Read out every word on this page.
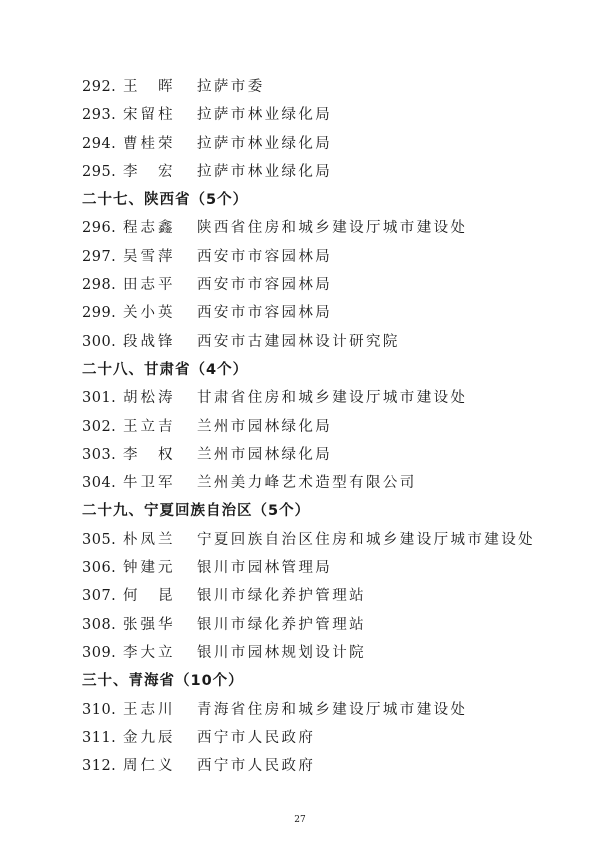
292. 王　晖 拉萨市委
293. 宋留柱 拉萨市林业绿化局
294. 曹桂荣 拉萨市林业绿化局
295. 李　宏 拉萨市林业绿化局
二十七、陕西省（5个）
296. 程志鑫 陕西省住房和城乡建设厅城市建设处
297. 吴雪萍 西安市市容园林局
298. 田志平 西安市市容园林局
299. 关小英 西安市市容园林局
300. 段战锋 西安市古建园林设计研究院
二十八、甘肃省（4个）
301. 胡松涛 甘肃省住房和城乡建设厅城市建设处
302. 王立吉 兰州市园林绿化局
303. 李　权 兰州市园林绿化局
304. 牛卫军 兰州美力峰艺术造型有限公司
二十九、宁夏回族自治区（5个）
305. 朴凤兰 宁夏回族自治区住房和城乡建设厅城市建设处
306. 钟建元 银川市园林管理局
307. 何　昆 银川市绿化养护管理站
308. 张强华 银川市绿化养护管理站
309. 李大立 银川市园林规划设计院
三十、青海省（10个）
310. 王志川 青海省住房和城乡建设厅城市建设处
311. 金九辰 西宁市人民政府
312. 周仁义 西宁市人民政府
27
